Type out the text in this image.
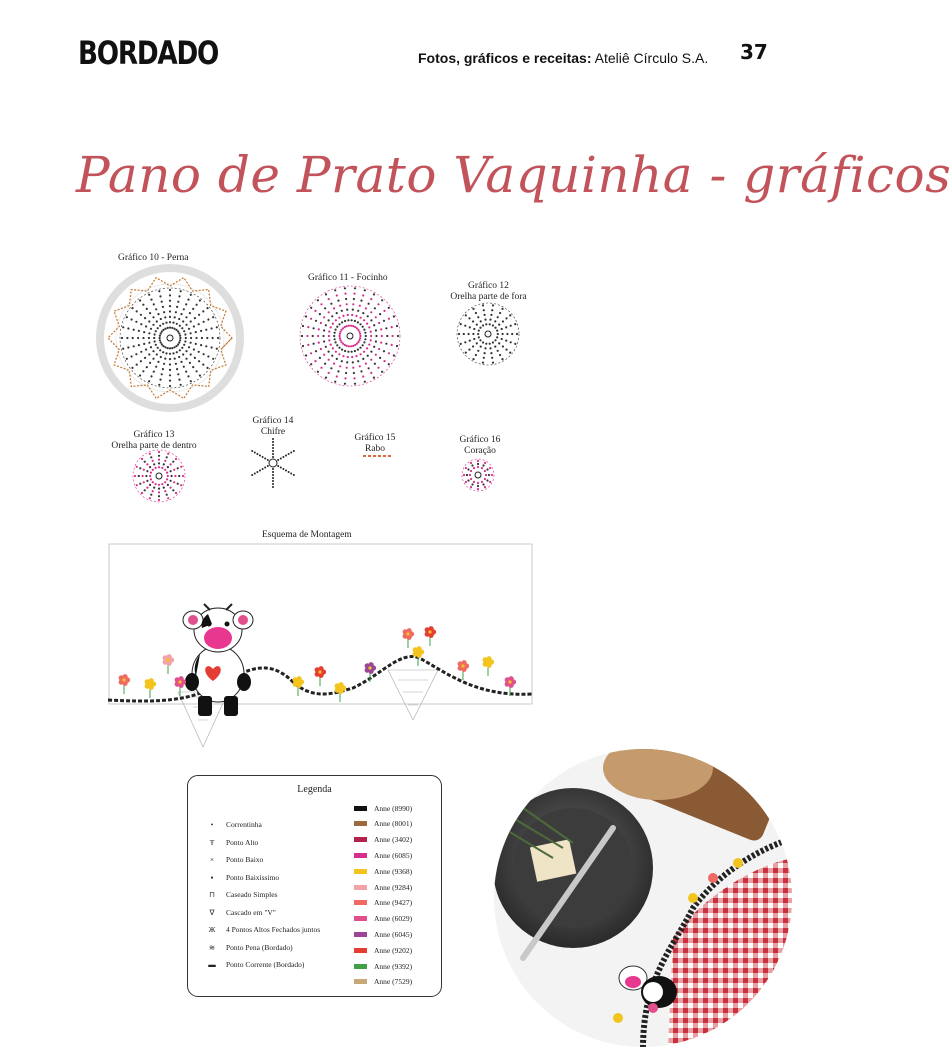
BORDADO	Fotos, gráficos e receitas: Ateliê Círculo S.A. 37
Pano de Prato Vaquinha - gráficos
Gráfico 10 - Perna
Gráfico 11 - Focinho
Gráfico 12
Orelha parte de fora
Gráfico 13
Orelha parte de dentro
Gráfico 14
Chifre
Gráfico 15
Rabo
Gráfico 16
Coração
Esquema de Montagem
Legenda
•	Correntinha
Ŧ	Ponto Alto
×	Ponto Baixo
▪	Ponto Baixíssimo
⊓	Caseado Simples
∇	Cascado em "V"
Ж	4 Pontos Altos Fechados juntos
≋	Ponto Pena (Bordado)
▬	Ponto Corrente (Bordado)
Anne (8990)
Anne (8001)
Anne (3402)
Anne (6085)
Anne (9368)
Anne (9284)
Anne (9427)
Anne (6029)
Anne (6045)
Anne (9202)
Anne (9392)
Anne (7529)
